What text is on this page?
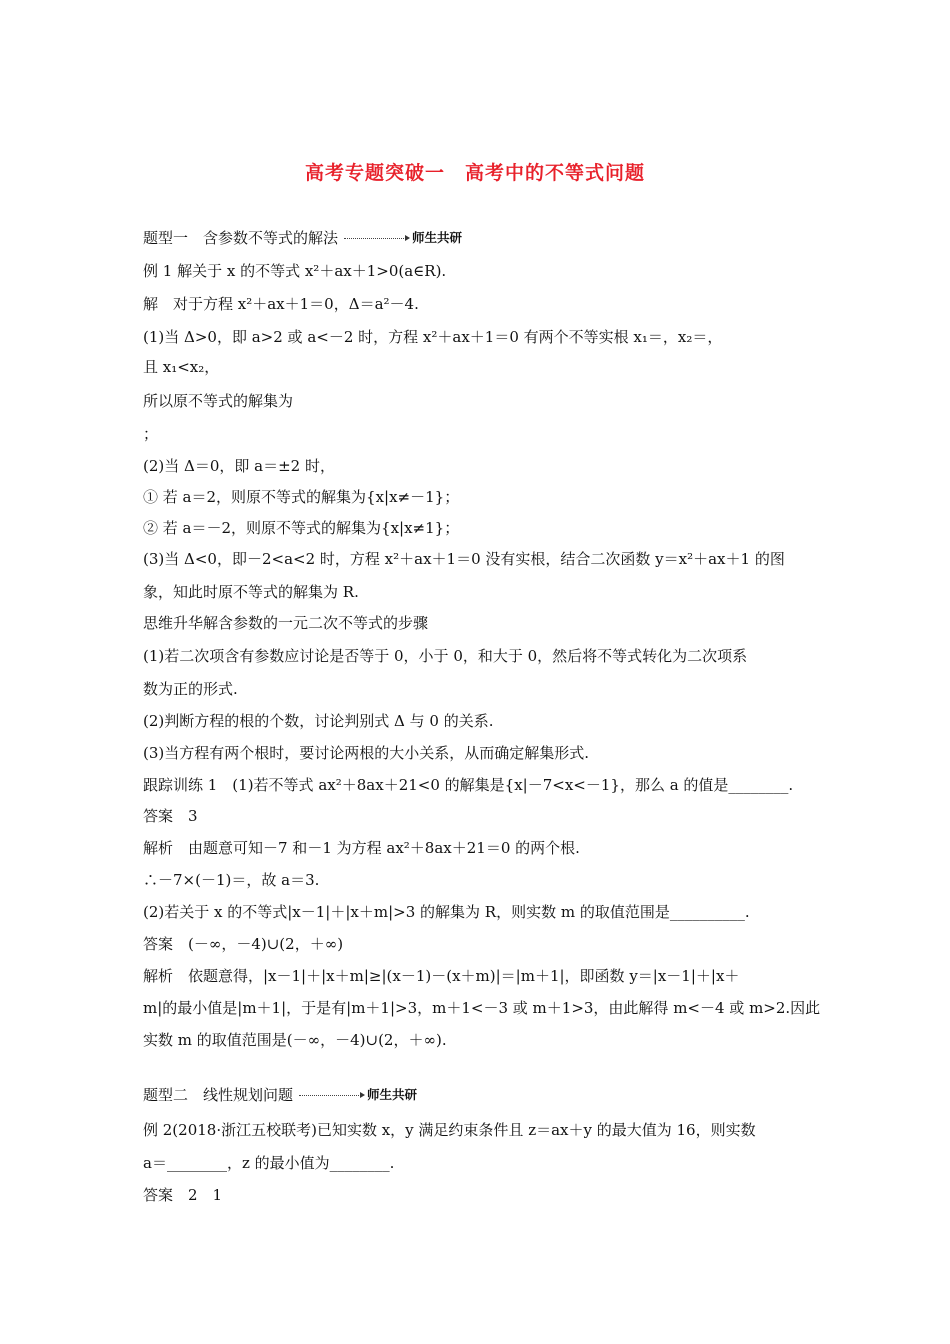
高考专题突破一　高考中的不等式问题
题型一　含参数不等式的解法	师生共研
例 1 解关于 x 的不等式 x²＋ax＋1>0(a∈R).
解　对于方程 x²＋ax＋1＝0，Δ＝a²－4.
(1)当 Δ>0，即 a>2 或 a<－2 时，方程 x²＋ax＋1＝0 有两个不等实根 x₁＝，x₂＝，
且 x₁<x₂，
所以原不等式的解集为
；
(2)当 Δ＝0，即 a＝±2 时，
① 若 a＝2，则原不等式的解集为{x|x≠－1}；
② 若 a＝－2，则原不等式的解集为{x|x≠1}；
(3)当 Δ<0，即－2<a<2 时，方程 x²＋ax＋1＝0 没有实根，结合二次函数 y＝x²＋ax＋1 的图
象，知此时原不等式的解集为 R.
思维升华解含参数的一元二次不等式的步骤
(1)若二次项含有参数应讨论是否等于 0，小于 0，和大于 0，然后将不等式转化为二次项系
数为正的形式.
(2)判断方程的根的个数，讨论判别式 Δ 与 0 的关系.
(3)当方程有两个根时，要讨论两根的大小关系，从而确定解集形式.
跟踪训练 1　(1)若不等式 ax²＋8ax＋21<0 的解集是{x|－7<x<－1}，那么 a 的值是________.
答案　3
解析　由题意可知－7 和－1 为方程 ax²＋8ax＋21＝0 的两个根.
∴－7×(－1)＝，故 a＝3.
(2)若关于 x 的不等式|x－1|＋|x＋m|>3 的解集为 R，则实数 m 的取值范围是__________.
答案　(－∞，－4)∪(2，＋∞)
解析　依题意得，|x－1|＋|x＋m|≥|(x－1)－(x＋m)|＝|m＋1|，即函数 y＝|x－1|＋|x＋
m|的最小值是|m＋1|，于是有|m＋1|>3，m＋1<－3 或 m＋1>3，由此解得 m<－4 或 m>2.因此
实数 m 的取值范围是(－∞，－4)∪(2，＋∞).
例 2(2018·浙江五校联考)已知实数 x，y 满足约束条件且 z＝ax＋y 的最大值为 16，则实数
a＝________，z 的最小值为________.
答案　2　1
题型二　线性规划问题	师生共研
